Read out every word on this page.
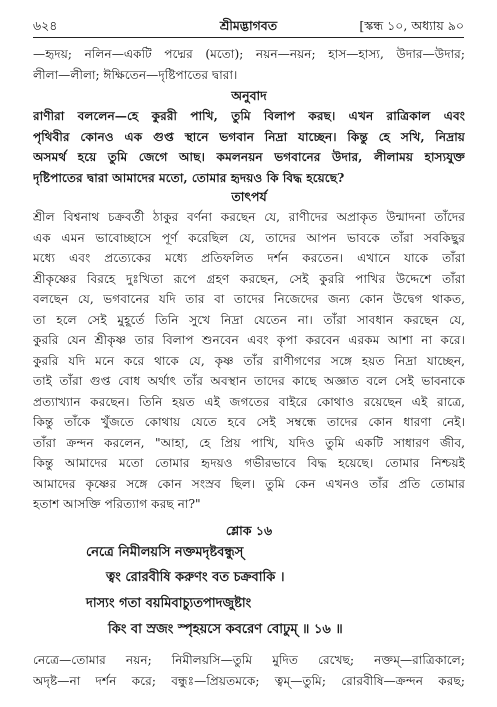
৬২৪	শ্রীমদ্ভাগবত	[স্কন্ধ ১০, অধ্যায় ৯০
—হৃদয়; নলিন—একটি পদ্মের (মতো); নয়ন—নয়ন; হাস—হাস্য, উদার—উদার;
লীলা—লীলা; ঈক্ষিতেন—দৃষ্টিপাতের দ্বারা।
অনুবাদ
রাণীরা বললেন—হে কুররী পাখি, তুমি বিলাপ করছ। এখন রাত্রিকাল এবং
পৃথিবীর কোনও এক গুপ্ত স্থানে ভগবান নিদ্রা যাচ্ছেন। কিন্তু হে সখি, নিদ্রায়
অসমর্থ হয়ে তুমি জেগে আছ। কমলনয়ন ভগবানের উদার, লীলাময় হাস্যযুক্ত
দৃষ্টিপাতের দ্বারা আমাদের মতো, তোমার হৃদয়ও কি বিদ্ধ হয়েছে?
তাৎপর্য
শ্রীল বিশ্বনাথ চক্রবর্তী ঠাকুর বর্ণনা করছেন যে, রাণীদের অপ্রাকৃত উন্মাদনা তাঁদের
এক এমন ভাবোচ্ছাসে পূর্ণ করেছিল যে, তাদের আপন ভাবকে তাঁরা সবকিছুর
মধ্যে এবং প্রত্যেকের মধ্যে প্রতিফলিত দর্শন করতেন। এখানে যাকে তাঁরা
শ্রীকৃষ্ণের বিরহে দুঃখিতা রূপে গ্রহণ করছেন, সেই কুররি পাখির উদ্দেশে তাঁরা
বলছেন যে, ভগবানের যদি তার বা তাদের নিজেদের জন্য কোন উদ্বেগ থাকত,
তা হলে সেই মুহূর্তে তিনি সুখে নিদ্রা যেতেন না। তাঁরা সাবধান করছেন যে,
কুররি যেন শ্রীকৃষ্ণ তার বিলাপ শুনবেন এবং কৃপা করবেন এরকম আশা না করে।
কুররি যদি মনে করে থাকে যে, কৃষ্ণ তাঁর রাণীগণের সঙ্গে হয়ত নিদ্রা যাচ্ছেন,
তাই তাঁরা গুপ্ত বোধ অর্থাৎ তাঁর অবস্থান তাদের কাছে অজ্ঞাত বলে সেই ভাবনাকে
প্রত্যাখ্যান করছেন। তিনি হয়ত এই জগতের বাইরে কোথাও রয়েছেন এই রাত্রে,
কিন্তু তাঁকে খুঁজতে কোথায় যেতে হবে সেই সম্বন্ধে তাদের কোন ধারণা নেই।
তাঁরা ক্রন্দন করলেন, "আহা, হে প্রিয় পাখি, যদিও তুমি একটি সাধারণ জীব,
কিন্তু আমাদের মতো তোমার হৃদয়ও গভীরভাবে বিদ্ধ হয়েছে। তোমার নিশ্চয়ই
আমাদের কৃষ্ণের সঙ্গে কোন সংস্রব ছিল। তুমি কেন এখনও তাঁর প্রতি তোমার
হতাশ আসক্তি পরিত্যাগ করছ না?"
শ্লোক ১৬
নেত্রে নিমীলয়সি নক্তমদৃষ্টবন্ধুস্
ত্বং রোরবীষি করুণং বত চক্রবাকি ।
দাস্যং গতা বয়মিবাচ্যুতপাদজুষ্টাং
কিং বা স্রজং স্পৃহয়সে কবরেণ বোঢুম্ ॥ ১৬ ॥
নেত্রে—তোমার নয়ন; নিমীলয়সি—তুমি মুদিত রেখেছ; নক্তম্—রাত্রিকালে;
অদৃষ্ট—না দর্শন করে; বন্ধুঃ—প্রিয়তমকে; ত্বম্—তুমি; রোরবীষি—ক্রন্দন করছ;
